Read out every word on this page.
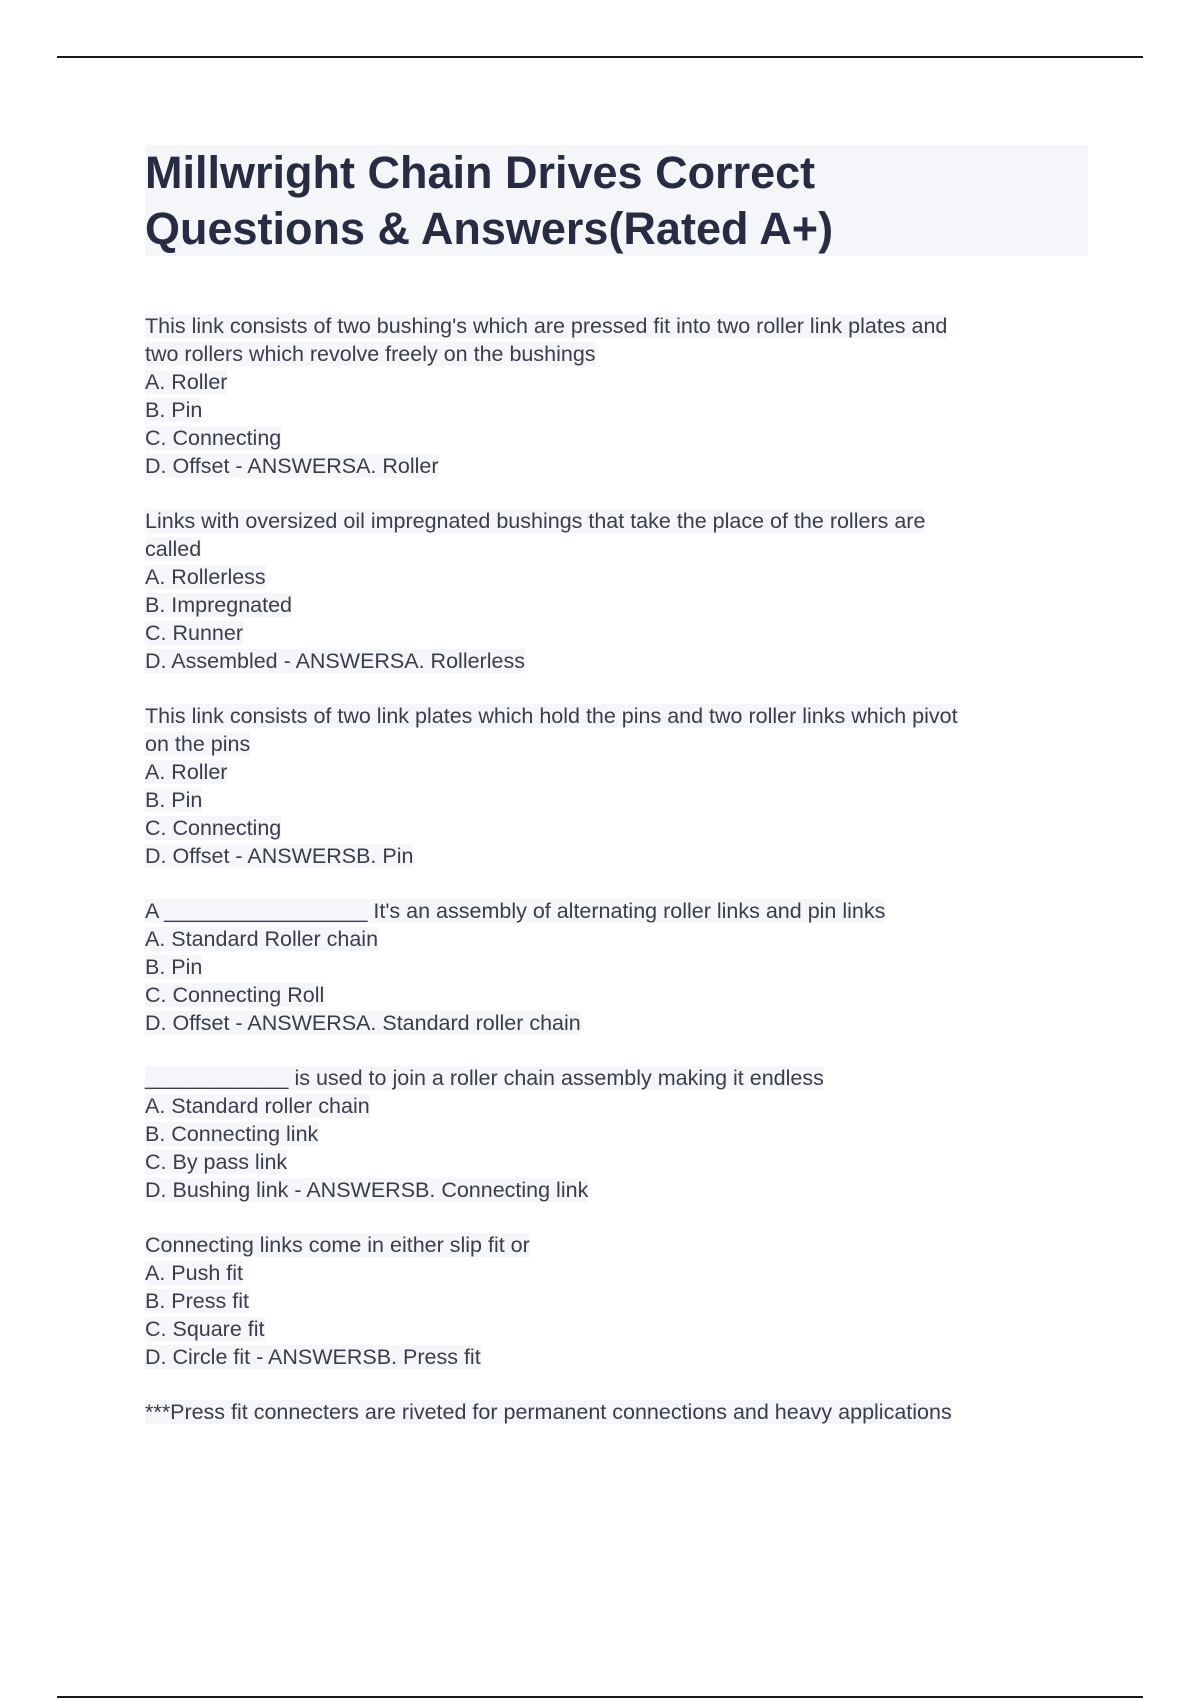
Millwright Chain Drives Correct
Questions & Answers(Rated A+)
This link consists of two bushing's which are pressed fit into two roller link plates and
two rollers which revolve freely on the bushings
A. Roller
B. Pin
C. Connecting
D. Offset - ANSWERSA. Roller
Links with oversized oil impregnated bushings that take the place of the rollers are
called
A. Rollerless
B. Impregnated
C. Runner
D. Assembled - ANSWERSA. Rollerless
This link consists of two link plates which hold the pins and two roller links which pivot
on the pins
A. Roller
B. Pin
C. Connecting
D. Offset - ANSWERSB. Pin
A _________________ It's an assembly of alternating roller links and pin links
A. Standard Roller chain
B. Pin
C. Connecting Roll
D. Offset - ANSWERSA. Standard roller chain
____________ is used to join a roller chain assembly making it endless
A. Standard roller chain
B. Connecting link
C. By pass link
D. Bushing link - ANSWERSB. Connecting link
Connecting links come in either slip fit or
A. Push fit
B. Press fit
C. Square fit
D. Circle fit - ANSWERSB. Press fit
***Press fit connecters are riveted for permanent connections and heavy applications
